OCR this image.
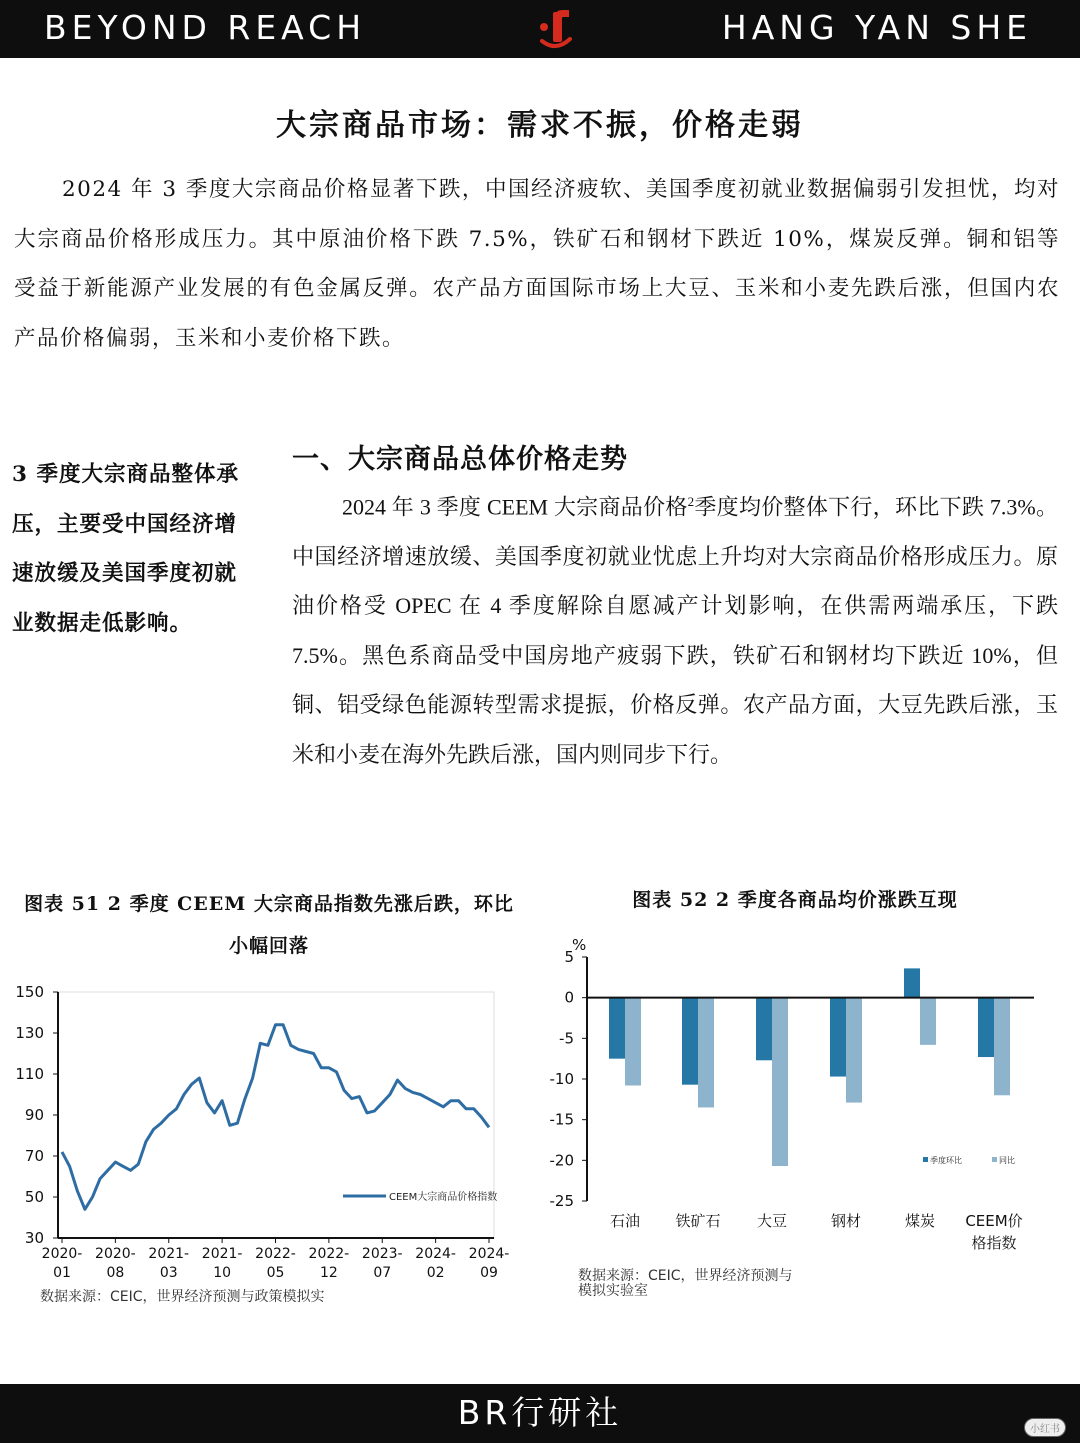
BEYOND REACH	HANG YAN SHE
大宗商品市场：需求不振，价格走弱

2024 年 3 季度大宗商品价格显著下跌，中国经济疲软、美国季度初就业数据偏弱引发担忧，均对大宗商品价格形成压力。其中原油价格下跌 7.5%，铁矿石和钢材下跌近 10%，煤炭反弹。铜和铝等受益于新能源产业发展的有色金属反弹。农产品方面国际市场上大豆、玉米和小麦先跌后涨，但国内农产品价格偏弱，玉米和小麦价格下跌。

3 季度大宗商品整体承压，主要受中国经济增速放缓及美国季度初就业数据走低影响。

一、大宗商品总体价格走势

2024 年 3 季度 CEEM 大宗商品价格$^2$季度均价整体下行，环比下跌 7.3%。中国经济增速放缓、美国季度初就业忧虑上升均对大宗商品价格形成压力。原油价格受 OPEC 在 4 季度解除自愿减产计划影响，在供需两端承压，下跌 7.5%。黑色系商品受中国房地产疲弱下跌，铁矿石和钢材均下跌近 10%，但铜、铝受绿色能源转型需求提振，价格反弹。农产品方面，大豆先跌后涨，玉米和小麦在海外先跌后涨，国内则同步下行。

图表 51 2 季度 CEEM 大宗商品指数先涨后跌，环比
小幅回落
图表 52 2 季度各商品均价涨跌互现
150
130
110
90
70
50
30
2020-
01
2020-
08
2021-
03
2021-
10
2022-
05
2022-
12
2023-
07
2024-
02
2024-
09
CEEM大宗商品价格指数
数据来源：CEIC，世界经济预测与政策模拟实
%
5
0
-5
-10
-15
-20
-25
石油 铁矿石 大豆	钢材	煤炭 CEEM价
格指数
季度环比	同比
数据来源：CEIC，世界经济预测与
模拟实验室
BR行研社	小红书
